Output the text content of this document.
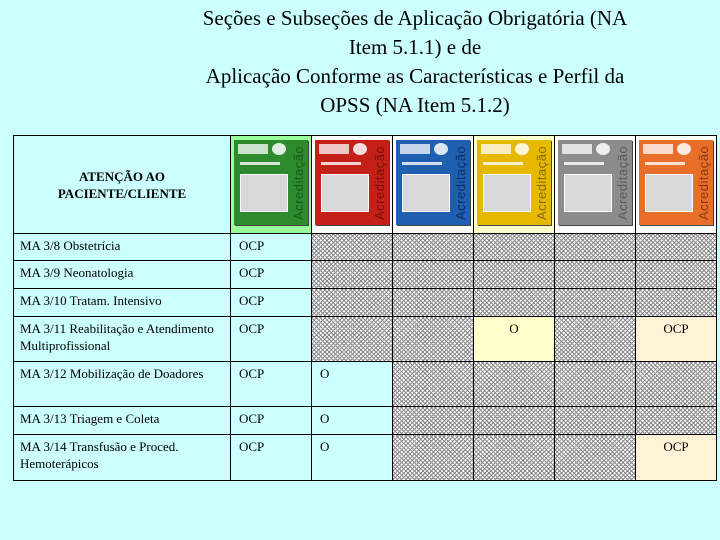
Seções e Subseções de Aplicação Obrigatória (NA
Item 5.1.1) e de
Aplicação Conforme as Características e Perfil da
OPSS (NA Item 5.1.2)
ATENÇÃO AO
PACIENTE/CLIENTE	Acreditação	Acreditação	Acreditação	Acreditação	Acreditação	Acreditação

MA 3/8 Obstetrícia	OCP					
MA 3/9 Neonatologia	OCP					
MA 3/10 Tratam. Intensivo	OCP					
MA 3/11 Reabilitação e Atendimento Multiprofissional	OCP			O		OCP
MA 3/12 Mobilização de Doadores	OCP	O				
MA 3/13 Triagem e Coleta	OCP	O				
MA 3/14 Transfusão e Proced. Hemoterápicos	OCP	O				OCP
